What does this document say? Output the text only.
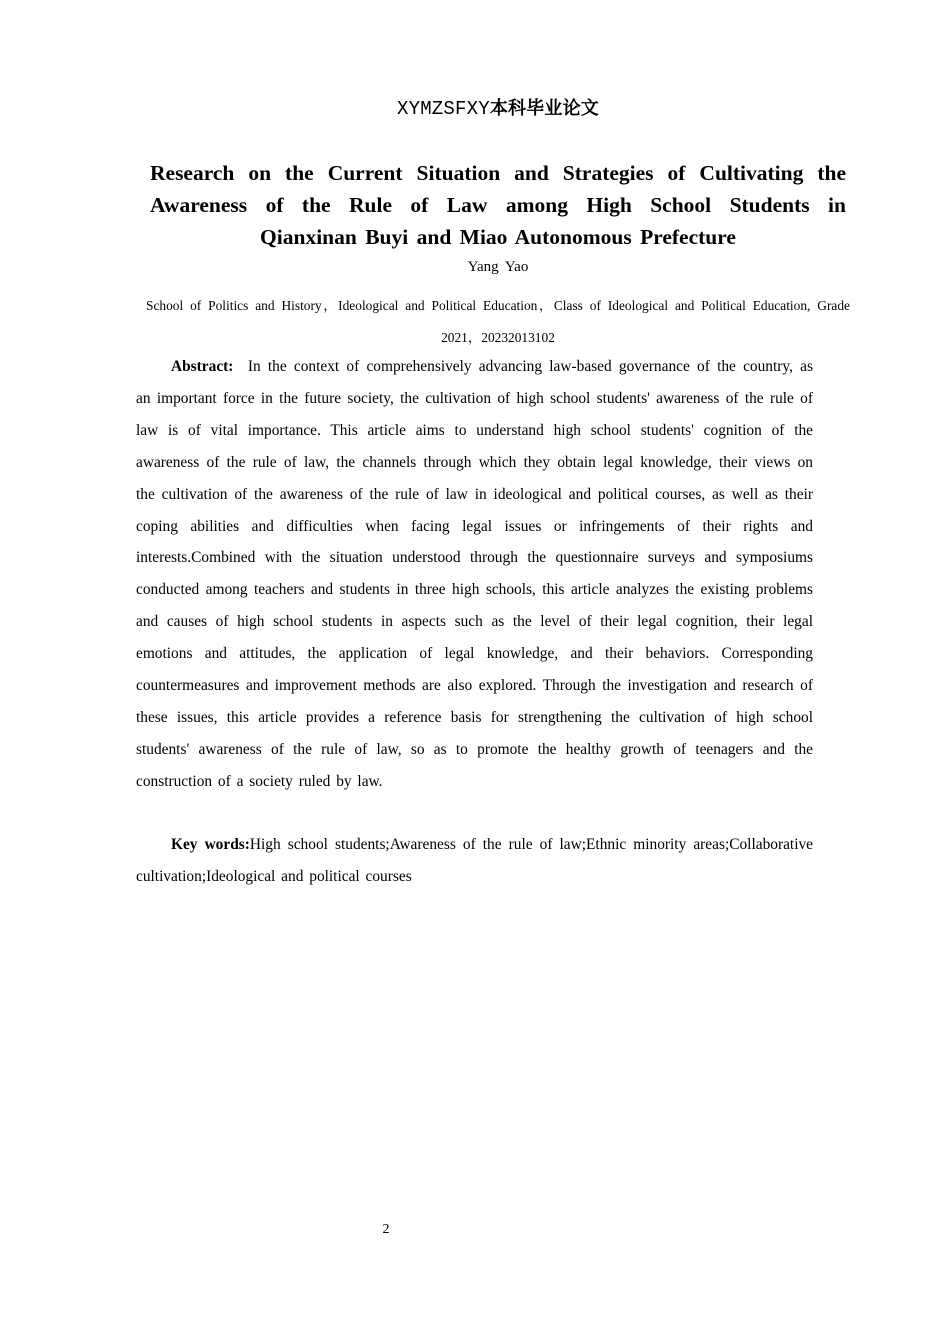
XYMZSFXY本科毕业论文
Research on the Current Situation and Strategies of Cultivating the Awareness of the Rule of Law among High School Students in Qianxinan Buyi and Miao Autonomous Prefecture
Yang Yao
School of Politics and History，Ideological and Political Education，Class of Ideological and Political Education, Grade 2021，20232013102

Abstract: In the context of comprehensively advancing law-based governance of the country, as an important force in the future society, the cultivation of high school students' awareness of the rule of law is of vital importance. This article aims to understand high school students' cognition of the awareness of the rule of law, the channels through which they obtain legal knowledge, their views on the cultivation of the awareness of the rule of law in ideological and political courses, as well as their coping abilities and difficulties when facing legal issues or infringements of their rights and interests.Combined with the situation understood through the questionnaire surveys and symposiums conducted among teachers and students in three high schools, this article analyzes the existing problems and causes of high school students in aspects such as the level of their legal cognition, their legal emotions and attitudes, the application of legal knowledge, and their behaviors. Corresponding countermeasures and improvement methods are also explored. Through the investigation and research of these issues, this article provides a reference basis for strengthening the cultivation of high school students' awareness of the rule of law, so as to promote the healthy growth of teenagers and the construction of a society ruled by law.

Key words:High school students;Awareness of the rule of law;Ethnic minority areas;Collaborative cultivation;Ideological and political courses

2
